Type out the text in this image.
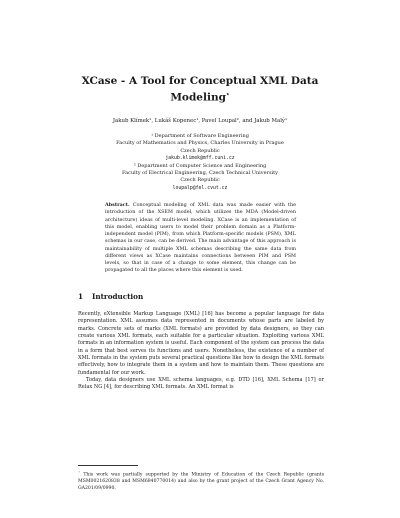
XCase - A Tool for Conceptual XML Data
Modeling⋆
Jakub Klímek¹, Lukáš Kopenec¹, Pavel Loupal², and Jakub Malý¹
¹ Department of Software Engineering
Faculty of Mathematics and Physics, Charles University in Prague
Czech Republic
jakub.klimek@mff.cuni.cz
² Department of Computer Science and Engineering
Faculty of Electrical Engineering, Czech Technical University
Czech Republic
loupalp@fel.cvut.cz
Abstract. Conceptual modeling of XML data was made easier with the introduction of the XSEM model, which utilizes the MDA (Model-driven architecture) ideas of multi-level modeling. XCase is an implementation of this model, enabling users to model their problem domain as a Platform-independent model (PIM), from which Platform-specific models (PSM), XML schemas in our case, can be derived. The main advantage of this approach is maintainability of multiple XML schemas describing the same data from different views as XCase maintains connections between PIM and PSM levels, so that in case of a change to some element, this change can be propagated to all the places where this element is used.
1 Introduction

Recently, eXtensible Markup Language (XML) [16] has become a popular language for data representation. XML assumes data represented in documents whose parts are labeled by marks. Concrete sets of marks (XML formats) are provided by data designers, so they can create various XML formats, each suitable for a particular situation. Exploiting various XML formats in an information system is useful. Each component of the system can process the data in a form that best serves its functions and users. Nonetheless, the existence of a number of XML formats in the system puts several practical questions like how to design the XML formats effectively, how to integrate them in a system and how to maintain them. These questions are fundamental for our work.

Today, data designers use XML schema languages, e.g. DTD [16], XML Schema [17] or Relax NG [4], for describing XML formats. An XML format is

⋆ This work was partially supported by the Ministry of Education of the Czech Republic (grants MSM0021620838 and MSM6840770014) and also by the grant project of the Czech Grant Agency No. GA201/09/0990.
